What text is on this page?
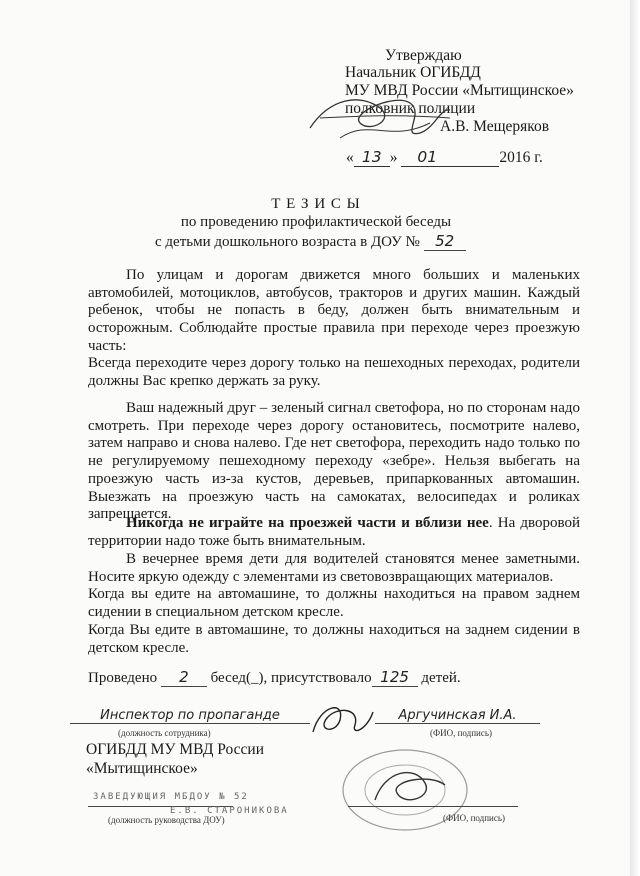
Утверждаю
Начальник ОГИБДД
МУ МВД России «Мытищинское»
полковник полиции
А.В. Мещеряков
« 13 » 01	2016 г.
Т Е З И С Ы
по проведению профилактической беседы
с детьми дошкольного возраста в ДОУ № 52
По улицам и дорогам движется много больших и маленьких автомобилей, мотоциклов, автобусов, тракторов и других машин. Каждый ребенок, чтобы не попасть в беду, должен быть внимательным и осторожным. Соблюдайте простые правила при переходе через проезжую часть:
Всегда переходите через дорогу только на пешеходных переходах, родители должны Вас крепко держать за руку.
Ваш надежный друг – зеленый сигнал светофора, но по сторонам надо смотреть. При переходе через дорогу остановитесь, посмотрите налево, затем направо и снова налево. Где нет светофора, переходить надо только по не регулируемому пешеходному переходу «зебре». Нельзя выбегать на проезжую часть из-за кустов, деревьев, припаркованных автомашин. Выезжать на проезжую часть на самокатах, велосипедах и роликах запрещается.
Никогда не играйте на проезжей части и вблизи нее. На дворовой территории надо тоже быть внимательным.
В вечернее время дети для водителей становятся менее заметными. Носите яркую одежду с элементами из световозвращающих материалов.
Когда вы едите на автомашине, то должны находиться на правом заднем сидении в специальном детском кресле.
Когда Вы едите в автомашине, то должны находиться на заднем сидении в детском кресле.
Проведено 2 бесед(_), присутствовало 125 детей.
Инспектор по пропаганде
(должность сотрудника)
Аргучинская И.А.
(ФИО, подпись)
ОГИБДД МУ МВД России
«Мытищинское»
ЗАВЕДУЮЩИЯ МБДОУ № 52
Е.В. СТАРОНИКОВА
(должность руководства ДОУ)	(ФИО, подпись)
